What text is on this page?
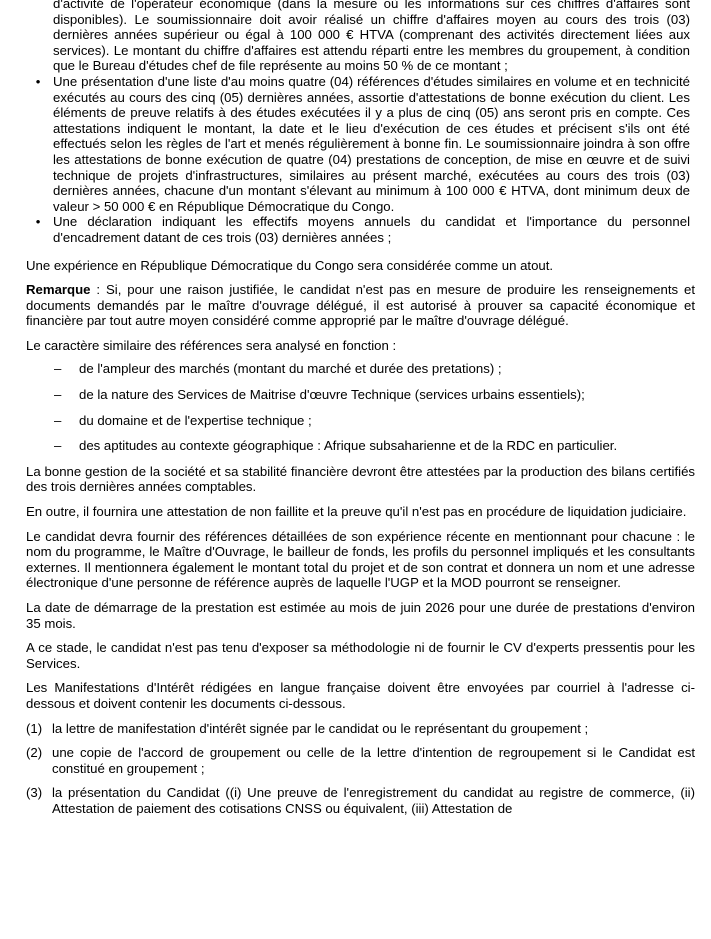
d'activité de l'opérateur économique (dans la mesure où les informations sur ces chiffres d'affaires sont disponibles). Le soumissionnaire doit avoir réalisé un chiffre d'affaires moyen au cours des trois (03) dernières années supérieur ou égal à 100 000 € HTVA (comprenant des activités directement liées aux services). Le montant du chiffre d'affaires est attendu réparti entre les membres du groupement, à condition que le Bureau d'études chef de file représente au moins 50 % de ce montant ;
• Une présentation d'une liste d'au moins quatre (04) références d'études similaires en volume et en technicité exécutés au cours des cinq (05) dernières années, assortie d'attestations de bonne exécution du client. Les éléments de preuve relatifs à des études exécutées il y a plus de cinq (05) ans seront pris en compte. Ces attestations indiquent le montant, la date et le lieu d'exécution de ces études et précisent s'ils ont été effectués selon les règles de l'art et menés régulièrement à bonne fin. Le soumissionnaire joindra à son offre les attestations de bonne exécution de quatre (04) prestations de conception, de mise en œuvre et de suivi technique de projets d'infrastructures, similaires au présent marché, exécutées au cours des trois (03) dernières années, chacune d'un montant s'élevant au minimum à 100 000 € HTVA, dont minimum deux de valeur > 50 000 € en République Démocratique du Congo.
• Une déclaration indiquant les effectifs moyens annuels du candidat et l'importance du personnel d'encadrement datant de ces trois (03) dernières années ;

Une expérience en République Démocratique du Congo sera considérée comme un atout.

Remarque : Si, pour une raison justifiée, le candidat n'est pas en mesure de produire les renseignements et documents demandés par le maître d'ouvrage délégué, il est autorisé à prouver sa capacité économique et financière par tout autre moyen considéré comme approprié par le maître d'ouvrage délégué.

Le caractère similaire des références sera analysé en fonction :

– de l'ampleur des marchés (montant du marché et durée des pretations) ;
– de la nature des Services de Maitrise d'œuvre Technique (services urbains essentiels);
– du domaine et de l'expertise technique ;
– des aptitudes au contexte géographique : Afrique subsaharienne et de la RDC en particulier.

La bonne gestion de la société et sa stabilité financière devront être attestées par la production des bilans certifiés des trois dernières années comptables.

En outre, il fournira une attestation de non faillite et la preuve qu'il n'est pas en procédure de liquidation judiciaire.

Le candidat devra fournir des références détaillées de son expérience récente en mentionnant pour chacune : le nom du programme, le Maître d'Ouvrage, le bailleur de fonds, les profils du personnel impliqués et les consultants externes. Il mentionnera également le montant total du projet et de son contrat et donnera un nom et une adresse électronique d'une personne de référence auprès de laquelle l'UGP et la MOD pourront se renseigner.

La date de démarrage de la prestation est estimée au mois de juin 2026 pour une durée de prestations d'environ 35 mois.

A ce stade, le candidat n'est pas tenu d'exposer sa méthodologie ni de fournir le CV d'experts pressentis pour les Services.

Les Manifestations d'Intérêt rédigées en langue française doivent être envoyées par courriel à l'adresse ci-dessous et doivent contenir les documents ci-dessous.

(1) la lettre de manifestation d'intérêt signée par le candidat ou le représentant du groupement ;
(2) une copie de l'accord de groupement ou celle de la lettre d'intention de regroupement si le Candidat est constitué en groupement ;
(3) la présentation du Candidat ((i) Une preuve de l'enregistrement du candidat au registre de commerce, (ii) Attestation de paiement des cotisations CNSS ou équivalent, (iii) Attestation de
